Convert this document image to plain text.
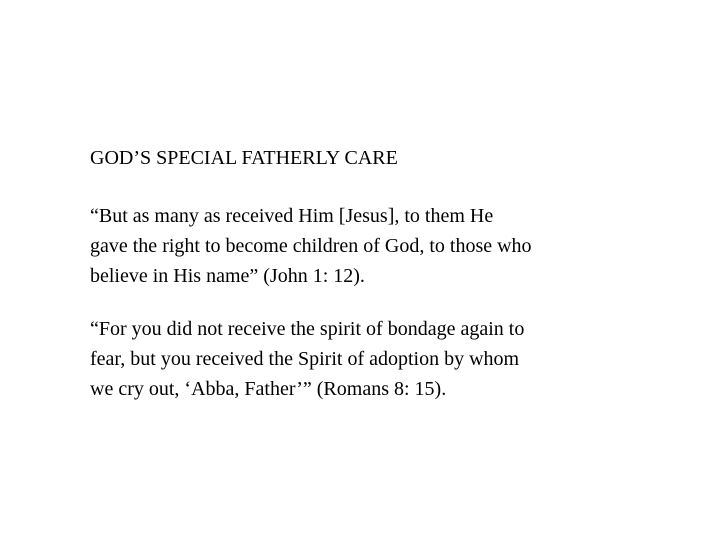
GOD’S SPECIAL FATHERLY CARE

“But as many as received Him [Jesus], to them He
gave the right to become children of God, to those who
believe in His name” (John 1: 12).

“For you did not receive the spirit of bondage again to
fear, but you received the Spirit of adoption by whom
we cry out, ‘Abba, Father’” (Romans 8: 15).
